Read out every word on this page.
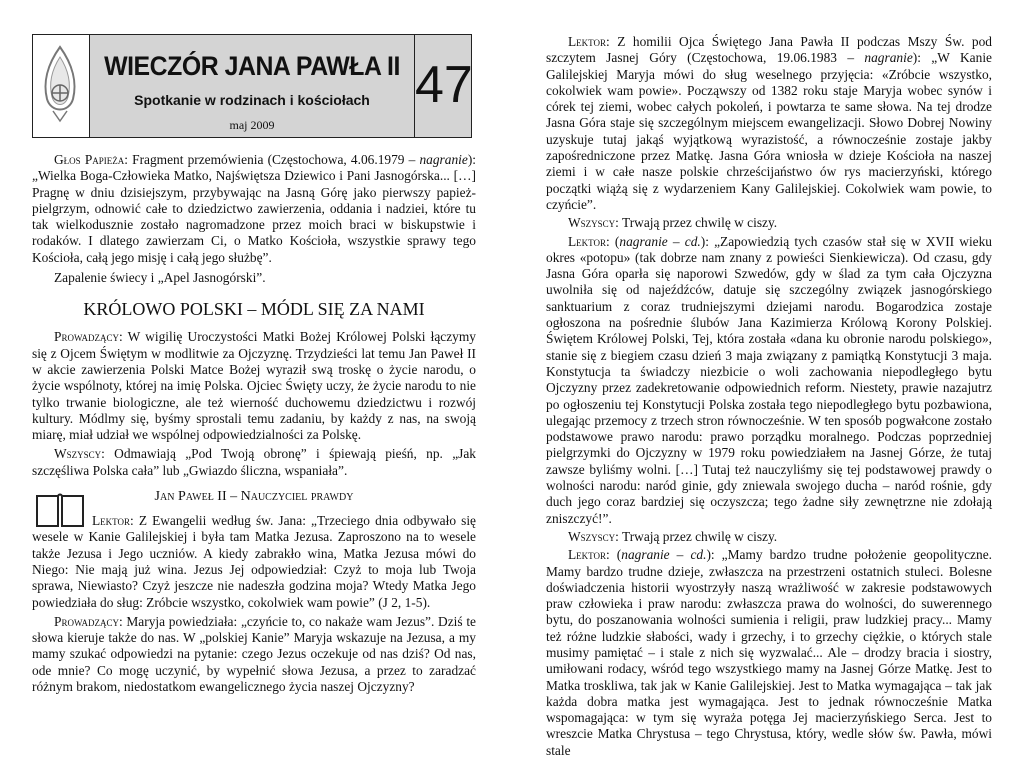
WIECZÓR JANA PAWŁA II
Spotkanie w rodzinach i kościołach
maj 2009
47

Głos Papieża: Fragment przemówienia (Częstochowa, 4.06.1979 – nagranie): „Wielka Boga-Człowieka Matko, Najświętsza Dziewico i Pani Jasnogórska... […] Pragnę w dniu dzisiejszym, przybywając na Jasną Górę jako pierwszy papież-pielgrzym, odnowić całe to dziedzictwo zawierzenia, oddania i nadziei, które tu tak wielkodusznie zostało nagromadzone przez moich braci w biskupstwie i rodaków. I dlatego zawierzam Ci, o Matko Kościoła, wszystkie sprawy tego Kościoła, całą jego misję i całą jego służbę”.

Zapalenie świecy i „Apel Jasnogórski”.

KRÓLOWO POLSKI – MÓDL SIĘ ZA NAMI

Prowadzący: W wigilię Uroczystości Matki Bożej Królowej Polski łączymy się z Ojcem Świętym w modlitwie za Ojczyznę. Trzydzieści lat temu Jan Paweł II w akcie zawierzenia Polski Matce Bożej wyraził swą troskę o życie narodu, o życie wspólnoty, której na imię Polska. Ojciec Święty uczy, że życie narodu to nie tylko trwanie biologiczne, ale też wierność duchowemu dziedzictwu i rozwój kultury. Módlmy się, byśmy sprostali temu zadaniu, by każdy z nas, na swoją miarę, miał udział we wspólnej odpowiedzialności za Polskę.

Wszyscy: Odmawiają „Pod Twoją obronę” i śpiewają pieśń, np. „Jak szczęśliwa Polska cała” lub „Gwiazdo śliczna, wspaniała”.

Jan Paweł II – Nauczyciel prawdy

Lektor: Z Ewangelii według św. Jana: „Trzeciego dnia odbywało się wesele w Kanie Galilejskiej i była tam Matka Jezusa. Zaproszono na to wesele także Jezusa i Jego uczniów. A kiedy zabrakło wina, Matka Jezusa mówi do Niego: Nie mają już wina. Jezus Jej odpowiedział: Czyż to moja lub Twoja sprawa, Niewiasto? Czyż jeszcze nie nadeszła godzina moja? Wtedy Matka Jego powiedziała do sług: Zróbcie wszystko, cokolwiek wam powie” (J 2, 1-5).

Prowadzący: Maryja powiedziała: „czyńcie to, co nakaże wam Jezus”. Dziś te słowa kieruje także do nas. W „polskiej Kanie” Maryja wskazuje na Jezusa, a my mamy szukać odpowiedzi na pytanie: czego Jezus oczekuje od nas dziś? Od nas, ode mnie? Co mogę uczynić, by wypełnić słowa Jezusa, a przez to zaradzać różnym brakom, niedostatkom ewangelicznego życia naszej Ojczyzny?

Lektor: Z homilii Ojca Świętego Jana Pawła II podczas Mszy Św. pod szczytem Jasnej Góry (Częstochowa, 19.06.1983 – nagranie): „W Kanie Galilejskiej Maryja mówi do sług weselnego przyjęcia: «Zróbcie wszystko, cokolwiek wam powie». Począwszy od 1382 roku staje Maryja wobec synów i córek tej ziemi, wobec całych pokoleń, i powtarza te same słowa. Na tej drodze Jasna Góra staje się szczególnym miejscem ewangelizacji. Słowo Dobrej Nowiny uzyskuje tutaj jakąś wyjątkową wyrazistość, a równocześnie zostaje jakby zapośredniczone przez Matkę. Jasna Góra wniosła w dzieje Kościoła na naszej ziemi i w całe nasze polskie chrześcijaństwo ów rys macierzyński, którego początki wiążą się z wydarzeniem Kany Galilejskiej. Cokolwiek wam powie, to czyńcie”.

Wszyscy: Trwają przez chwilę w ciszy.

Lektor: (nagranie – cd.): „Zapowiedzią tych czasów stał się w XVII wieku okres «potopu» (tak dobrze nam znany z powieści Sienkiewicza). Od czasu, gdy Jasna Góra oparła się naporowi Szwedów, gdy w ślad za tym cała Ojczyzna uwolniła się od najeźdźców, datuje się szczególny związek jasnogórskiego sanktuarium z coraz trudniejszymi dziejami narodu. Bogarodzica zostaje ogłoszona na pośrednie ślubów Jana Kazimierza Królową Korony Polskiej. Świętem Królowej Polski, Tej, która została «dana ku obronie narodu polskiego», stanie się z biegiem czasu dzień 3 maja związany z pamiątką Konstytucji 3 maja. Konstytucja ta świadczy niezbicie o woli zachowania niepodległego bytu Ojczyzny przez zadekretowanie odpowiednich reform. Niestety, prawie nazajutrz po ogłoszeniu tej Konstytucji Polska została tego niepodległego bytu pozbawiona, ulegając przemocy z trzech stron równocześnie. W ten sposób pogwałcone zostało podstawowe prawo narodu: prawo porządku moralnego. Podczas poprzedniej pielgrzymki do Ojczyzny w 1979 roku powiedziałem na Jasnej Górze, że tutaj zawsze byliśmy wolni. […] Tutaj też nauczyliśmy się tej podstawowej prawdy o wolności narodu: naród ginie, gdy zniewala swojego ducha – naród rośnie, gdy duch jego coraz bardziej się oczyszcza; tego żadne siły zewnętrzne nie zdołają zniszczyć!”.

Wszyscy: Trwają przez chwilę w ciszy.

Lektor: (nagranie – cd.): „Mamy bardzo trudne położenie geopolityczne. Mamy bardzo trudne dzieje, zwłaszcza na przestrzeni ostatnich stuleci. Bolesne doświadczenia historii wyostrzyły naszą wrażliwość w zakresie podstawowych praw człowieka i praw narodu: zwłaszcza prawa do wolności, do suwerennego bytu, do poszanowania wolności sumienia i religii, praw ludzkiej pracy... Mamy też różne ludzkie słabości, wady i grzechy, i to grzechy ciężkie, o których stale musimy pamiętać – i stale z nich się wyzwalać... Ale – drodzy bracia i siostry, umiłowani rodacy, wśród tego wszystkiego mamy na Jasnej Górze Matkę. Jest to Matka troskliwa, tak jak w Kanie Galilejskiej. Jest to Matka wymagająca – tak jak każda dobra matka jest wymagająca. Jest to jednak równocześnie Matka wspomagająca: w tym się wyraża potęga Jej macierzyńskiego Serca. Jest to wreszcie Matka Chrystusa – tego Chrystusa, który, wedle słów św. Pawła, mówi stale
